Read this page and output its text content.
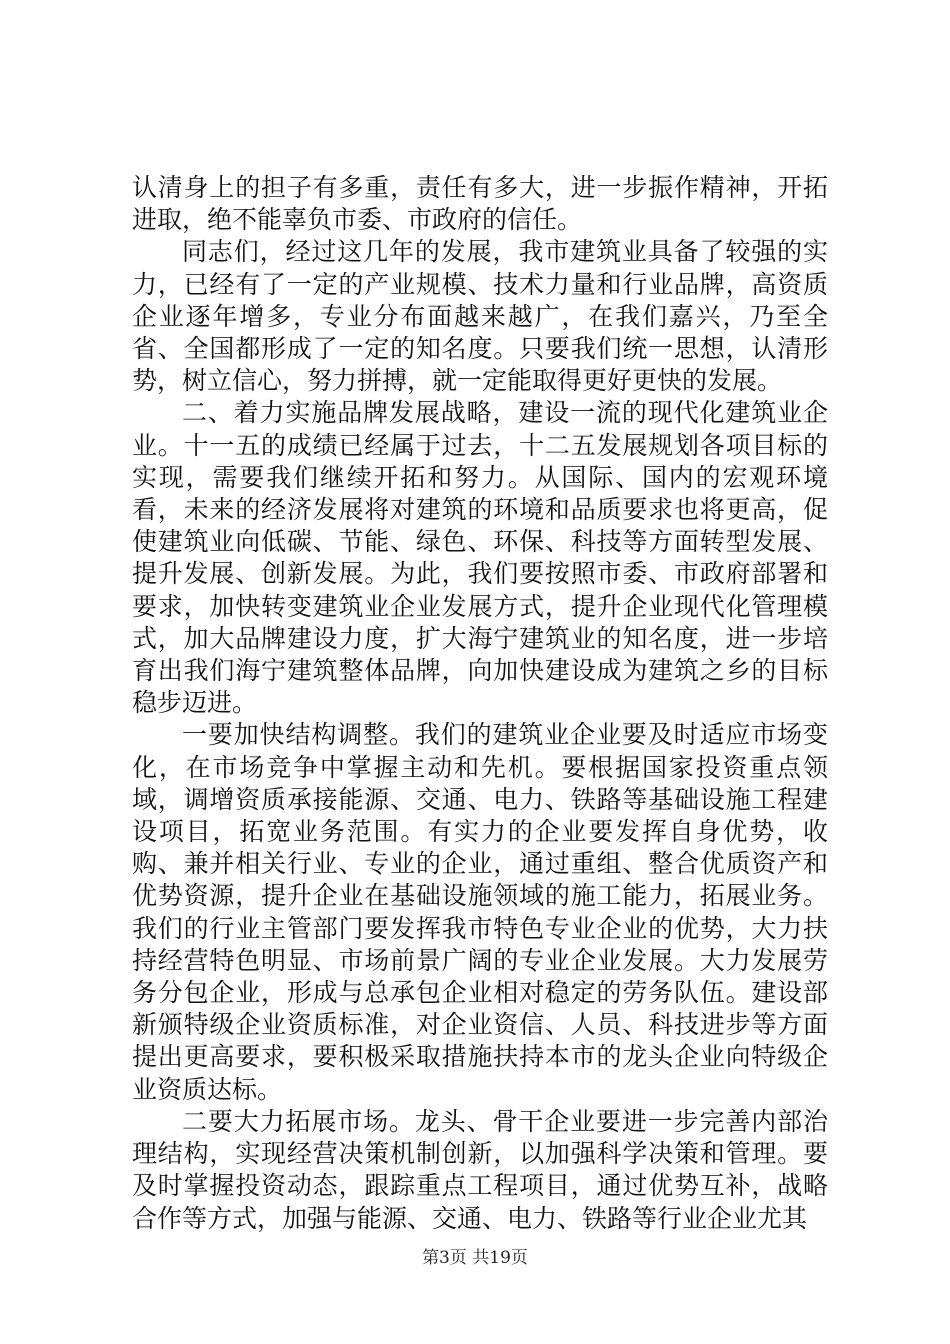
认清身上的担子有多重，责任有多大，进一步振作精神，开拓进取，绝不能辜负市委、市政府的信任。

同志们，经过这几年的发展，我市建筑业具备了较强的实力，已经有了一定的产业规模、技术力量和行业品牌，高资质企业逐年增多，专业分布面越来越广，在我们嘉兴，乃至全省、全国都形成了一定的知名度。只要我们统一思想，认清形势，树立信心，努力拼搏，就一定能取得更好更快的发展。

二、着力实施品牌发展战略，建设一流的现代化建筑业企业。十一五的成绩已经属于过去，十二五发展规划各项目标的实现，需要我们继续开拓和努力。从国际、国内的宏观环境看，未来的经济发展将对建筑的环境和品质要求也将更高，促使建筑业向低碳、节能、绿色、环保、科技等方面转型发展、提升发展、创新发展。为此，我们要按照市委、市政府部署和要求，加快转变建筑业企业发展方式，提升企业现代化管理模式，加大品牌建设力度，扩大海宁建筑业的知名度，进一步培育出我们海宁建筑整体品牌，向加快建设成为建筑之乡的目标稳步迈进。

一要加快结构调整。我们的建筑业企业要及时适应市场变化，在市场竞争中掌握主动和先机。要根据国家投资重点领域，调增资质承接能源、交通、电力、铁路等基础设施工程建设项目，拓宽业务范围。有实力的企业要发挥自身优势，收购、兼并相关行业、专业的企业，通过重组、整合优质资产和优势资源，提升企业在基础设施领域的施工能力，拓展业务。我们的行业主管部门要发挥我市特色专业企业的优势，大力扶持经营特色明显、市场前景广阔的专业企业发展。大力发展劳务分包企业，形成与总承包企业相对稳定的劳务队伍。建设部新颁特级企业资质标准，对企业资信、人员、科技进步等方面提出更高要求，要积极采取措施扶持本市的龙头企业向特级企业资质达标。

二要大力拓展市场。龙头、骨干企业要进一步完善内部治理结构，实现经营决策机制创新，以加强科学决策和管理。要及时掌握投资动态，跟踪重点工程项目，通过优势互补，战略合作等方式，加强与能源、交通、电力、铁路等行业企业尤其

第3页 共19页
